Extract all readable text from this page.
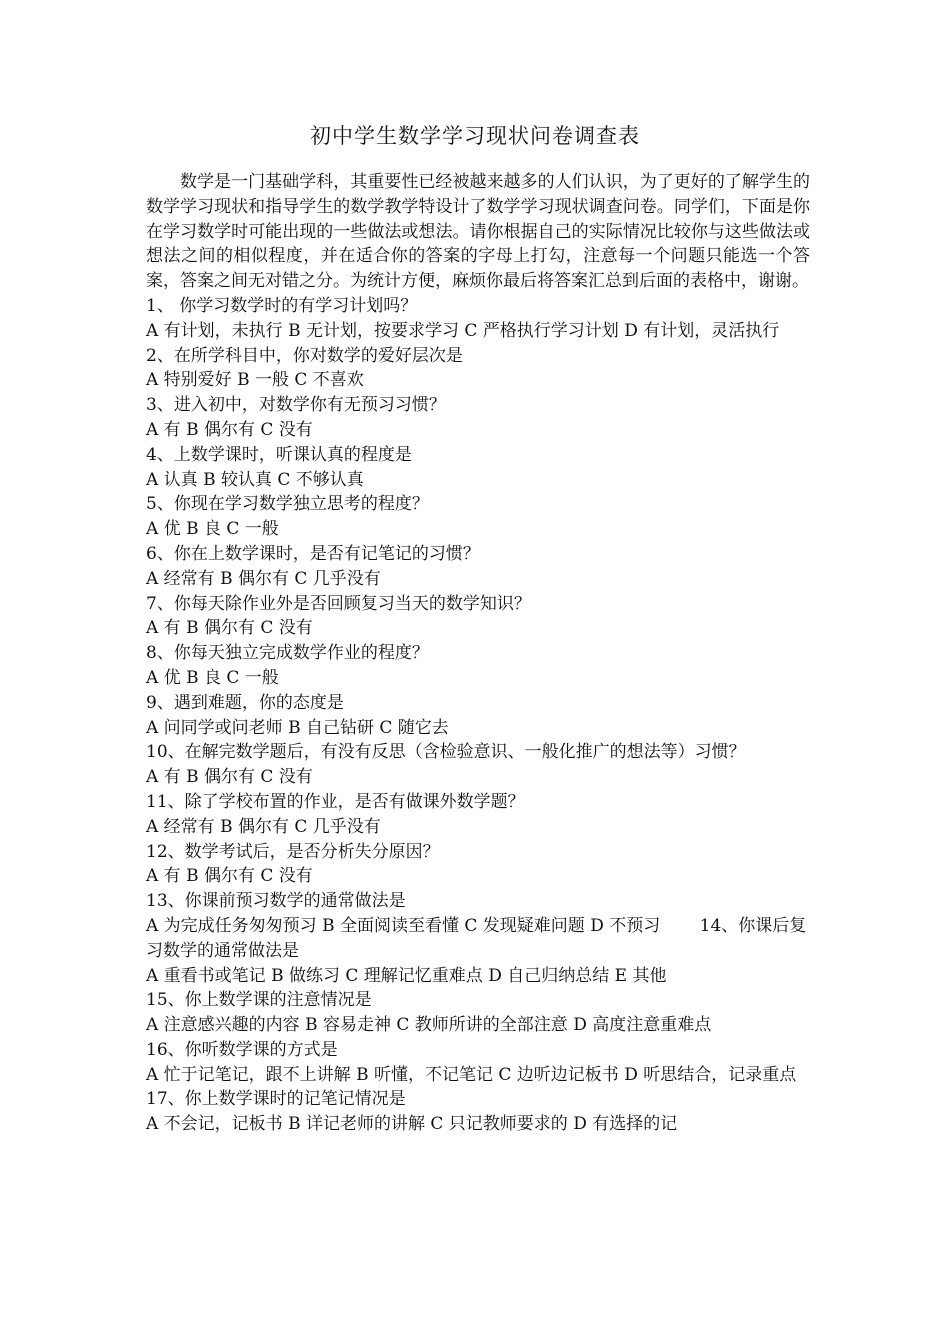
初中学生数学学习现状问卷调查表

数学是一门基础学科，其重要性已经被越来越多的人们认识，为了更好的了解学生的数学学习现状和指导学生的数学教学特设计了数学学习现状调查问卷。同学们，下面是你在学习数学时可能出现的一些做法或想法。请你根据自己的实际情况比较你与这些做法或想法之间的相似程度，并在适合你的答案的字母上打勾，注意每一个问题只能选一个答案，答案之间无对错之分。为统计方便，麻烦你最后将答案汇总到后面的表格中，谢谢。

1、 你学习数学时的有学习计划吗？

A 有计划，未执行 B 无计划，按要求学习 C 严格执行学习计划 D 有计划，灵活执行

2、在所学科目中，你对数学的爱好层次是

A 特别爱好 B 一般 C 不喜欢

3、进入初中，对数学你有无预习习惯？

A 有 B 偶尔有 C 没有

4、上数学课时，听课认真的程度是

A 认真 B 较认真 C 不够认真

5、你现在学习数学独立思考的程度？

A 优 B 良 C 一般

6、你在上数学课时，是否有记笔记的习惯？

A 经常有 B 偶尔有 C 几乎没有

7、你每天除作业外是否回顾复习当天的数学知识？

A 有 B 偶尔有 C 没有

8、你每天独立完成数学作业的程度？

A 优 B 良 C 一般

9、遇到难题，你的态度是

A 问同学或问老师 B 自己钻研 C 随它去

10、在解完数学题后，有没有反思（含检验意识、一般化推广的想法等）习惯？

A 有 B 偶尔有 C 没有

11、除了学校布置的作业，是否有做课外数学题？

A 经常有 B 偶尔有 C 几乎没有

12、数学考试后，是否分析失分原因？

A 有 B 偶尔有 C 没有

13、你课前预习数学的通常做法是

A 为完成任务匆匆预习 B 全面阅读至看懂 C 发现疑难问题 D 不预习 　　14、你课后复习数学的通常做法是

A 重看书或笔记 B 做练习 C 理解记忆重难点 D 自己归纳总结 E 其他

15、你上数学课的注意情况是

A 注意感兴趣的内容 B 容易走神 C 教师所讲的全部注意 D 高度注意重难点

16、你听数学课的方式是

A 忙于记笔记，跟不上讲解 B 听懂，不记笔记 C 边听边记板书 D 听思结合，记录重点

17、你上数学课时的记笔记情况是

A 不会记，记板书 B 详记老师的讲解 C 只记教师要求的 D 有选择的记
